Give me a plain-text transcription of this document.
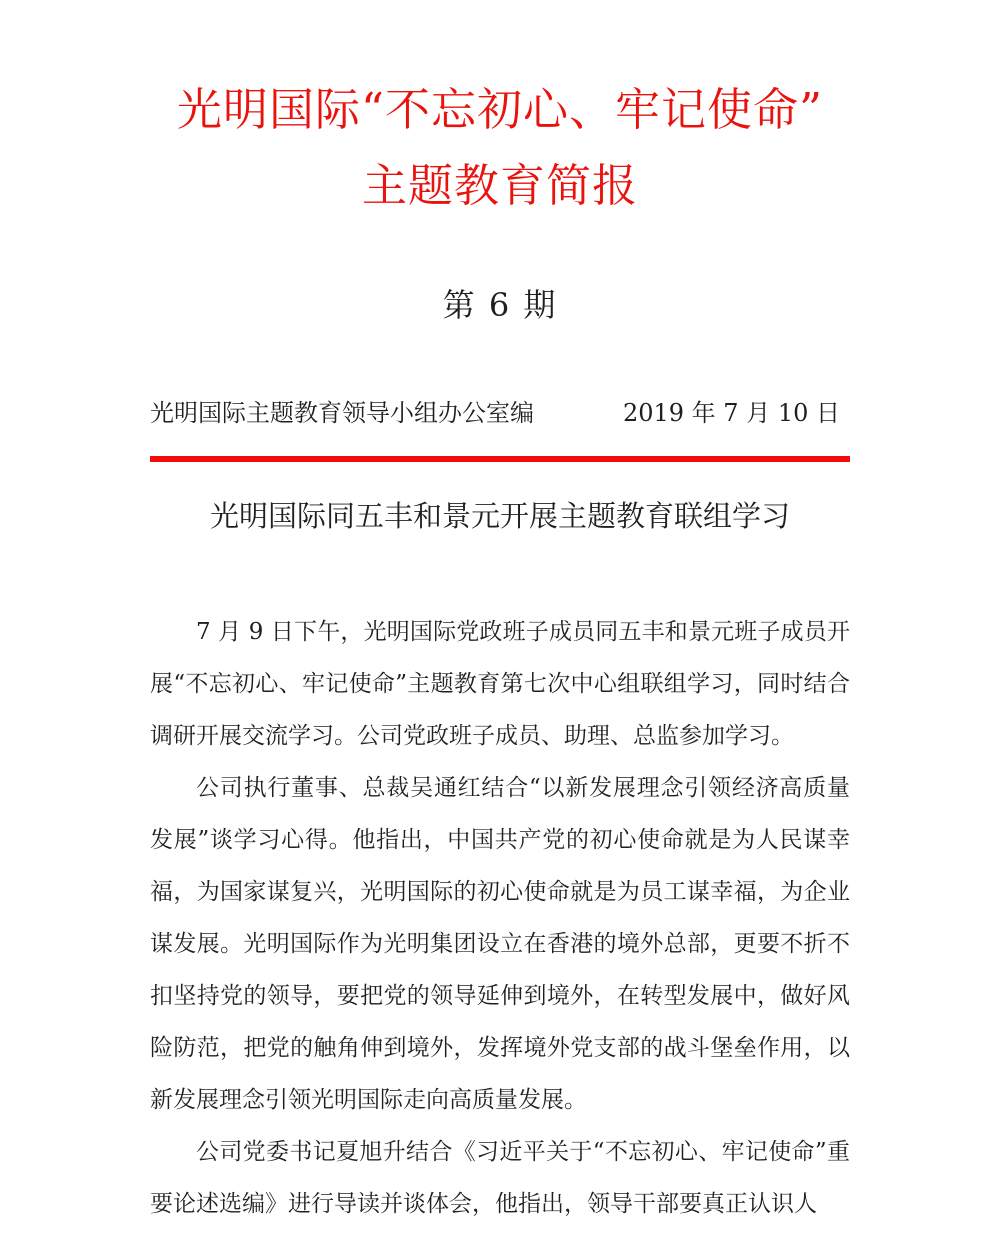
光明国际“不忘初心、牢记使命”
主题教育简报
第 6 期
光明国际主题教育领导小组办公室编	2019 年 7 月 10 日
光明国际同五丰和景元开展主题教育联组学习

7 月 9 日下午，光明国际党政班子成员同五丰和景元班子成员开展“不忘初心、牢记使命”主题教育第七次中心组联组学习，同时结合调研开展交流学习。公司党政班子成员、助理、总监参加学习。

公司执行董事、总裁吴通红结合“以新发展理念引领经济高质量发展”谈学习心得。他指出，中国共产党的初心使命就是为人民谋幸福，为国家谋复兴，光明国际的初心使命就是为员工谋幸福，为企业谋发展。光明国际作为光明集团设立在香港的境外总部，更要不折不扣坚持党的领导，要把党的领导延伸到境外，在转型发展中，做好风险防范，把党的触角伸到境外，发挥境外党支部的战斗堡垒作用，以新发展理念引领光明国际走向高质量发展。

公司党委书记夏旭升结合《习近平关于“不忘初心、牢记使命”重要论述选编》进行导读并谈体会，他指出，领导干部要真正认识人
